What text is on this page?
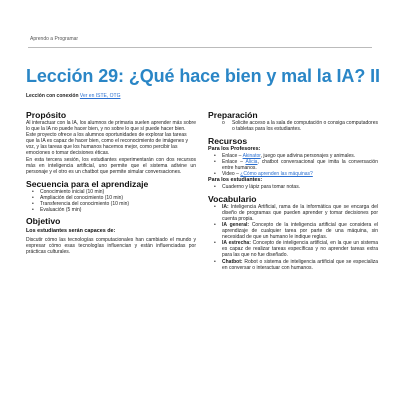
Aprendo a Programar
Lección 29: ¿Qué hace bien y mal la IA? II
Lección con conexión Ver en ISTE, OTG
Propósito

Al interactuar con la IA, los alumnos de primaria suelen aprender más sobre lo que la IA no puede hacer bien, y no sobre lo que sí puede hacer bien.

Este proyecto ofrece a los alumnos oportunidades de explorar las tareas que la IA es capaz de hacer bien, como el reconocimiento de imágenes y voz, y las tareas que los humanos hacemos mejor, como percibir las emociones o tomar decisiones éticas.

En esta tercera sesión, los estudiantes experimentarán con dos recursos más en inteligencia artificial, uno permite que el sistema adivine un personaje y el otro es un chatbot que permite simular conversaciones.

Secuencia para el aprendizaje
• Conocimiento inicial (10 min)
• Ampliación del conocimiento (10 min)
• Transferencia del conocimiento (10 min)
• Evaluación (5 min)
Objetivo
Los estudiantes serán capaces de:

Discutir cómo las tecnologías computacionales han cambiado el mundo y expresar cómo esas tecnologías influencian y están influenciadas por prácticas culturales.

Preparación
o Solicite acceso a la sala de computación o consiga computadores o tabletas para los estudiantes.
Recursos
Para los Profesores:
• Enlace – Akinator, juego que adivina personajes y animales.
• Enlace – Alicia, chatbot conversacional que imita la conversación entre humanos.
• Video – ¿Cómo aprenden las máquinas?
Para los estudiantes:
• Cuaderno y lápiz para tomar notas.
Vocabulario
• IA: Inteligencia Artificial, rama de la informática que se encarga del diseño de programas que pueden aprender y tomar decisiones por cuenta propia.
• IA general: Concepto de la inteligencia artificial que considera el aprendizaje de cualquier tarea por parte de una máquina, sin necesidad de que un humano le indique reglas.
• IA estrecha: Concepto de inteligencia artificial, en la que un sistema es capaz de realizar tareas específicas y no aprender tareas extra para las que no fue diseñado.
• Chatbot: Robot o sistema de inteligencia artificial que se especializa en conversar o interactuar con humanos.
